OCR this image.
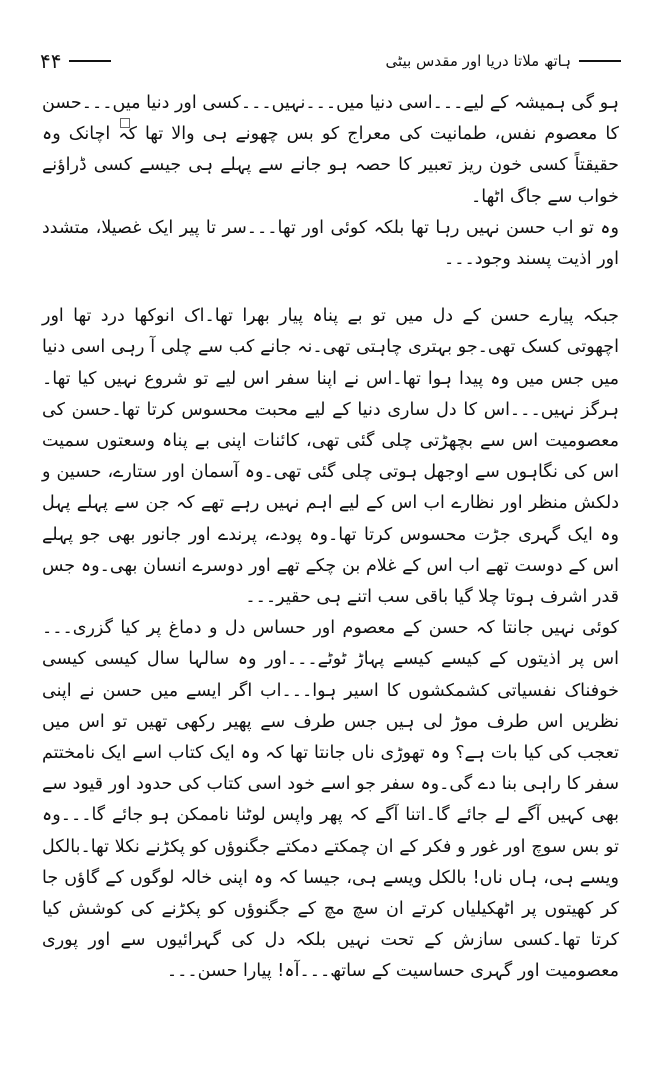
۴۴	ہاتھ ملاتا دریا اور مقدس بیٹی

ہو گی ہمیشہ کے لیے۔۔۔اسی دنیا میں۔۔۔نہیں۔۔۔کسی اور دنیا میں۔۔۔حسن کا معصوم نفس، طمانیت کی معراج کو بس چھونے ہی والا تھا کہ اچانک وہ حقیقتاً کسی خون ریز تعبیر کا حصہ ہو جانے سے پہلے ہی جیسے کسی ڈراؤنے خواب سے جاگ اٹھا۔

وہ تو اب حسن نہیں رہا تھا بلکہ کوئی اور تھا۔۔۔سر تا پیر ایک غصیلا، متشدد اور اذیت پسند وجود۔۔۔

جبکہ پیارے حسن کے دل میں تو بے پناہ پیار بھرا تھا۔اک انوکھا درد تھا اور اچھوتی کسک تھی۔جو بہتری چاہتی تھی۔نہ جانے کب سے چلی آ رہی اسی دنیا میں جس میں وہ پیدا ہوا تھا۔اس نے اپنا سفر اس لیے تو شروع نہیں کیا تھا۔ہرگز نہیں۔۔۔اس کا دل ساری دنیا کے لیے محبت محسوس کرتا تھا۔حسن کی معصومیت اس سے بچھڑتی چلی گئی تھی، کائنات اپنی بے پناہ وسعتوں سمیت اس کی نگاہوں سے اوجھل ہوتی چلی گئی تھی۔وہ آسمان اور ستارے، حسین و دلکش منظر اور نظارے اب اس کے لیے اہم نہیں رہے تھے کہ جن سے پہلے پہل وہ ایک گہری جڑت محسوس کرتا تھا۔وہ پودے، پرندے اور جانور بھی جو پہلے اس کے دوست تھے اب اس کے غلام بن چکے تھے اور دوسرے انسان بھی۔وہ جس قدر اشرف ہوتا چلا گیا باقی سب اتنے ہی حقیر۔۔۔

کوئی نہیں جانتا کہ حسن کے معصوم اور حساس دل و دماغ پر کیا گزری۔۔۔اس پر اذیتوں کے کیسے کیسے پہاڑ ٹوٹے۔۔۔اور وہ سالہا سال کیسی کیسی خوفناک نفسیاتی کشمکشوں کا اسیر ہوا۔۔۔اب اگر ایسے میں حسن نے اپنی نظریں اس طرف موڑ لی ہیں جس طرف سے پھیر رکھی تھیں تو اس میں تعجب کی کیا بات ہے؟ وہ تھوڑی ناں جانتا تھا کہ وہ ایک کتاب اسے ایک نامختتم سفر کا راہی بنا دے گی۔وہ سفر جو اسے خود اسی کتاب کی حدود اور قیود سے بھی کہیں آگے لے جائے گا۔اتنا آگے کہ پھر واپس لوٹنا ناممکن ہو جائے گا۔۔۔وہ تو بس سوچ اور غور و فکر کے ان چمکتے دمکتے جگنوؤں کو پکڑنے نکلا تھا۔بالکل ویسے ہی، ہاں ناں! بالکل ویسے ہی، جیسا کہ وہ اپنی خالہ لوگوں کے گاؤں جا کر کھیتوں پر اٹھکیلیاں کرتے ان سچ مچ کے جگنوؤں کو پکڑنے کی کوشش کیا کرتا تھا۔کسی سازش کے تحت نہیں بلکہ دل کی گہرائیوں سے اور پوری معصومیت اور گہری حساسیت کے ساتھ۔۔۔آہ! پیارا حسن۔۔۔
